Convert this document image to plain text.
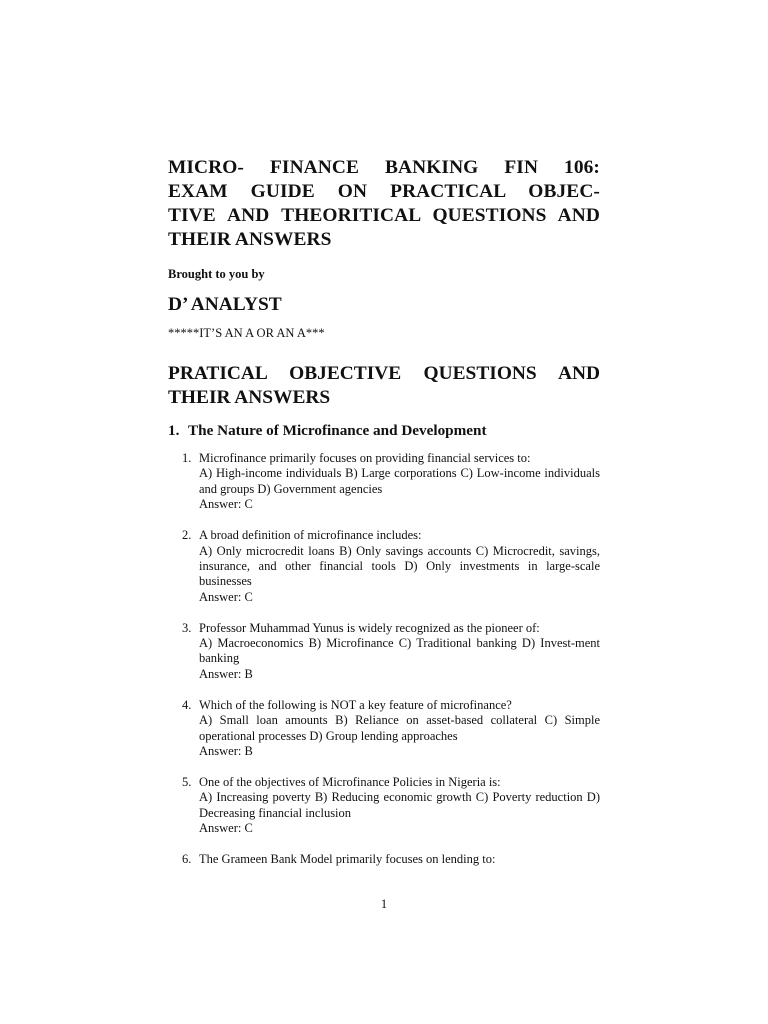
MICRO- FINANCE BANKING FIN 106:
EXAM GUIDE ON PRACTICAL OBJEC-
TIVE AND THEORITICAL QUESTIONS AND
THEIR ANSWERS
Brought to you by
D’ ANALYST
*****IT’S AN A OR AN A***
PRATICAL OBJECTIVE QUESTIONS AND
THEIR ANSWERS
1. The Nature of Microfinance and Development
1. Microfinance primarily focuses on providing financial services to:
A) High-income individuals B) Large corporations C) Low-income individuals and groups D) Government agencies
Answer: C
2. A broad definition of microfinance includes:
A) Only microcredit loans B) Only savings accounts C) Microcredit, savings, insurance, and other financial tools D) Only investments in large-scale businesses
Answer: C
3. Professor Muhammad Yunus is widely recognized as the pioneer of:
A) Macroeconomics B) Microfinance C) Traditional banking D) Invest-ment banking
Answer: B
4. Which of the following is NOT a key feature of microfinance?
A) Small loan amounts B) Reliance on asset-based collateral C) Simple operational processes D) Group lending approaches
Answer: B
5. One of the objectives of Microfinance Policies in Nigeria is:
A) Increasing poverty B) Reducing economic growth C) Poverty reduction D) Decreasing financial inclusion
Answer: C
6. The Grameen Bank Model primarily focuses on lending to:
1
